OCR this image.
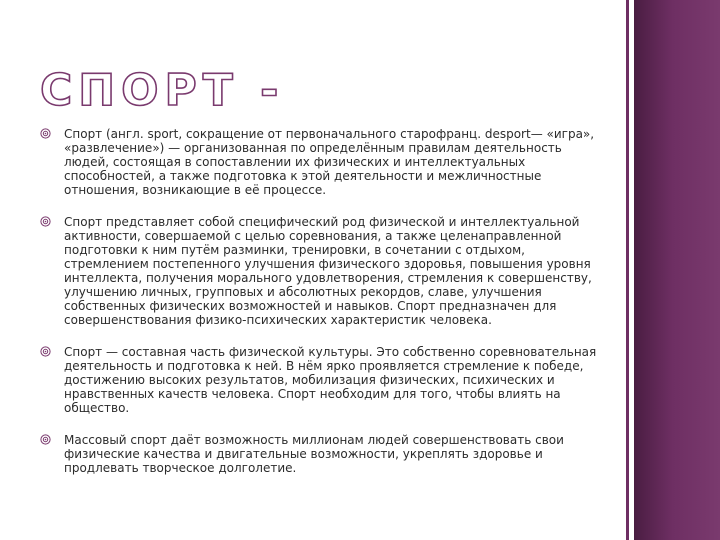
СПОРТ -
Спорт (англ. sport, сокращение от первоначального старофранц. desport— «игра», «развлечение») — организованная по определённым правилам деятельность людей, состоящая в сопоставлении их физических и интеллектуальных способностей, а также подготовка к этой деятельности и межличностные отношения, возникающие в её процессе.
Спорт представляет собой специфический род физической и интеллектуальной активности, совершаемой с целью соревнования, а также целенаправленной подготовки к ним путём разминки, тренировки, в сочетании с отдыхом, стремлением постепенного улучшения физического здоровья, повышения уровня интеллекта, получения морального удовлетворения, стремления к совершенству, улучшению личных, групповых и абсолютных рекордов, славе, улучшения собственных физических возможностей и навыков. Спорт предназначен для совершенствования физико-психических характеристик человека.
Спорт — составная часть физической культуры. Это собственно соревновательная деятельность и подготовка к ней. В нём ярко проявляется стремление к победе, достижению высоких результатов, мобилизация физических, психических и нравственных качеств человека. Спорт необходим для того, чтобы влиять на общество.
Массовый спорт даёт возможность миллионам людей совершенствовать свои физические качества и двигательные возможности, укреплять здоровье и продлевать творческое долголетие.
